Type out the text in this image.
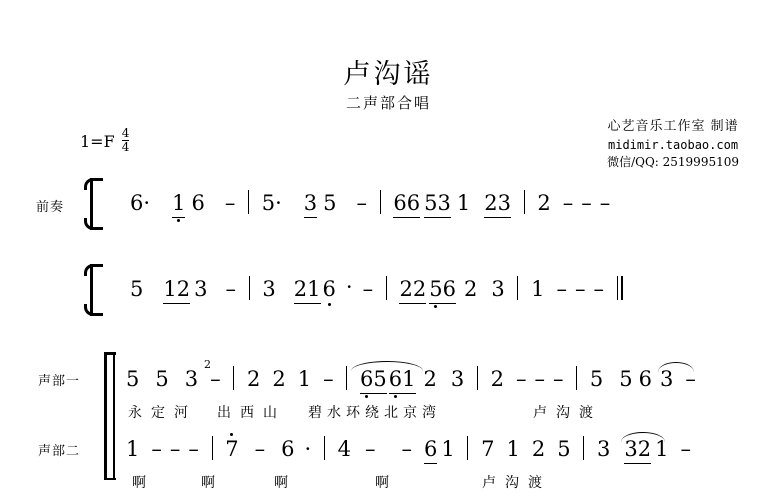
卢沟谣
二声部合唱
心艺音乐工作室 制谱
midimir.taobao.com
微信/QQ: 2519995109
$1=F \frac{4}{4}$
前奏	6 · 1 6 – 5 · 3 5 – 66 53 1 23 2 – – –
5 12 3 – 3 216 · – 22 56 2 3 1 – – –
声部一
2
5 5 3 – 2 2 1 – 6561 2 3 2 – – – 5 5 6 3 –
永 定 河 出 西 山 碧 水 环 绕 北 京 湾	卢 沟 渡
声部二 1 – – – 7 – 6 · 4 – – 6 1 7 1 2 5 3 32 1 –
啊	啊	啊	啊	卢 沟 渡
